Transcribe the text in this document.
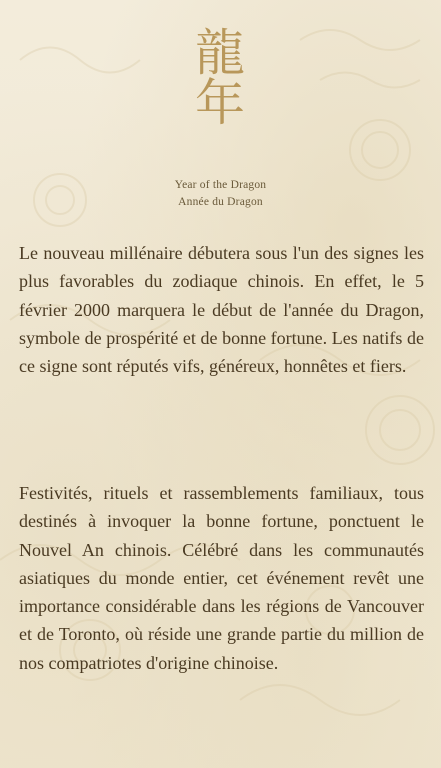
龍年
Year of the Dragon
Année du Dragon

Le nouveau millénaire débutera sous l'un des signes les plus favorables du zodiaque chinois. En effet, le 5 février 2000 marquera le début de l'année du Dragon, symbole de prospérité et de bonne fortune. Les natifs de ce signe sont réputés vifs, généreux, honnêtes et fiers.

Festivités, rituels et rassemblements familiaux, tous destinés à invoquer la bonne fortune, ponctuent le Nouvel An chinois. Célébré dans les communautés asiatiques du monde entier, cet événement revêt une importance considérable dans les régions de Vancouver et de Toronto, où réside une grande partie du million de nos compatriotes d'origine chinoise.
